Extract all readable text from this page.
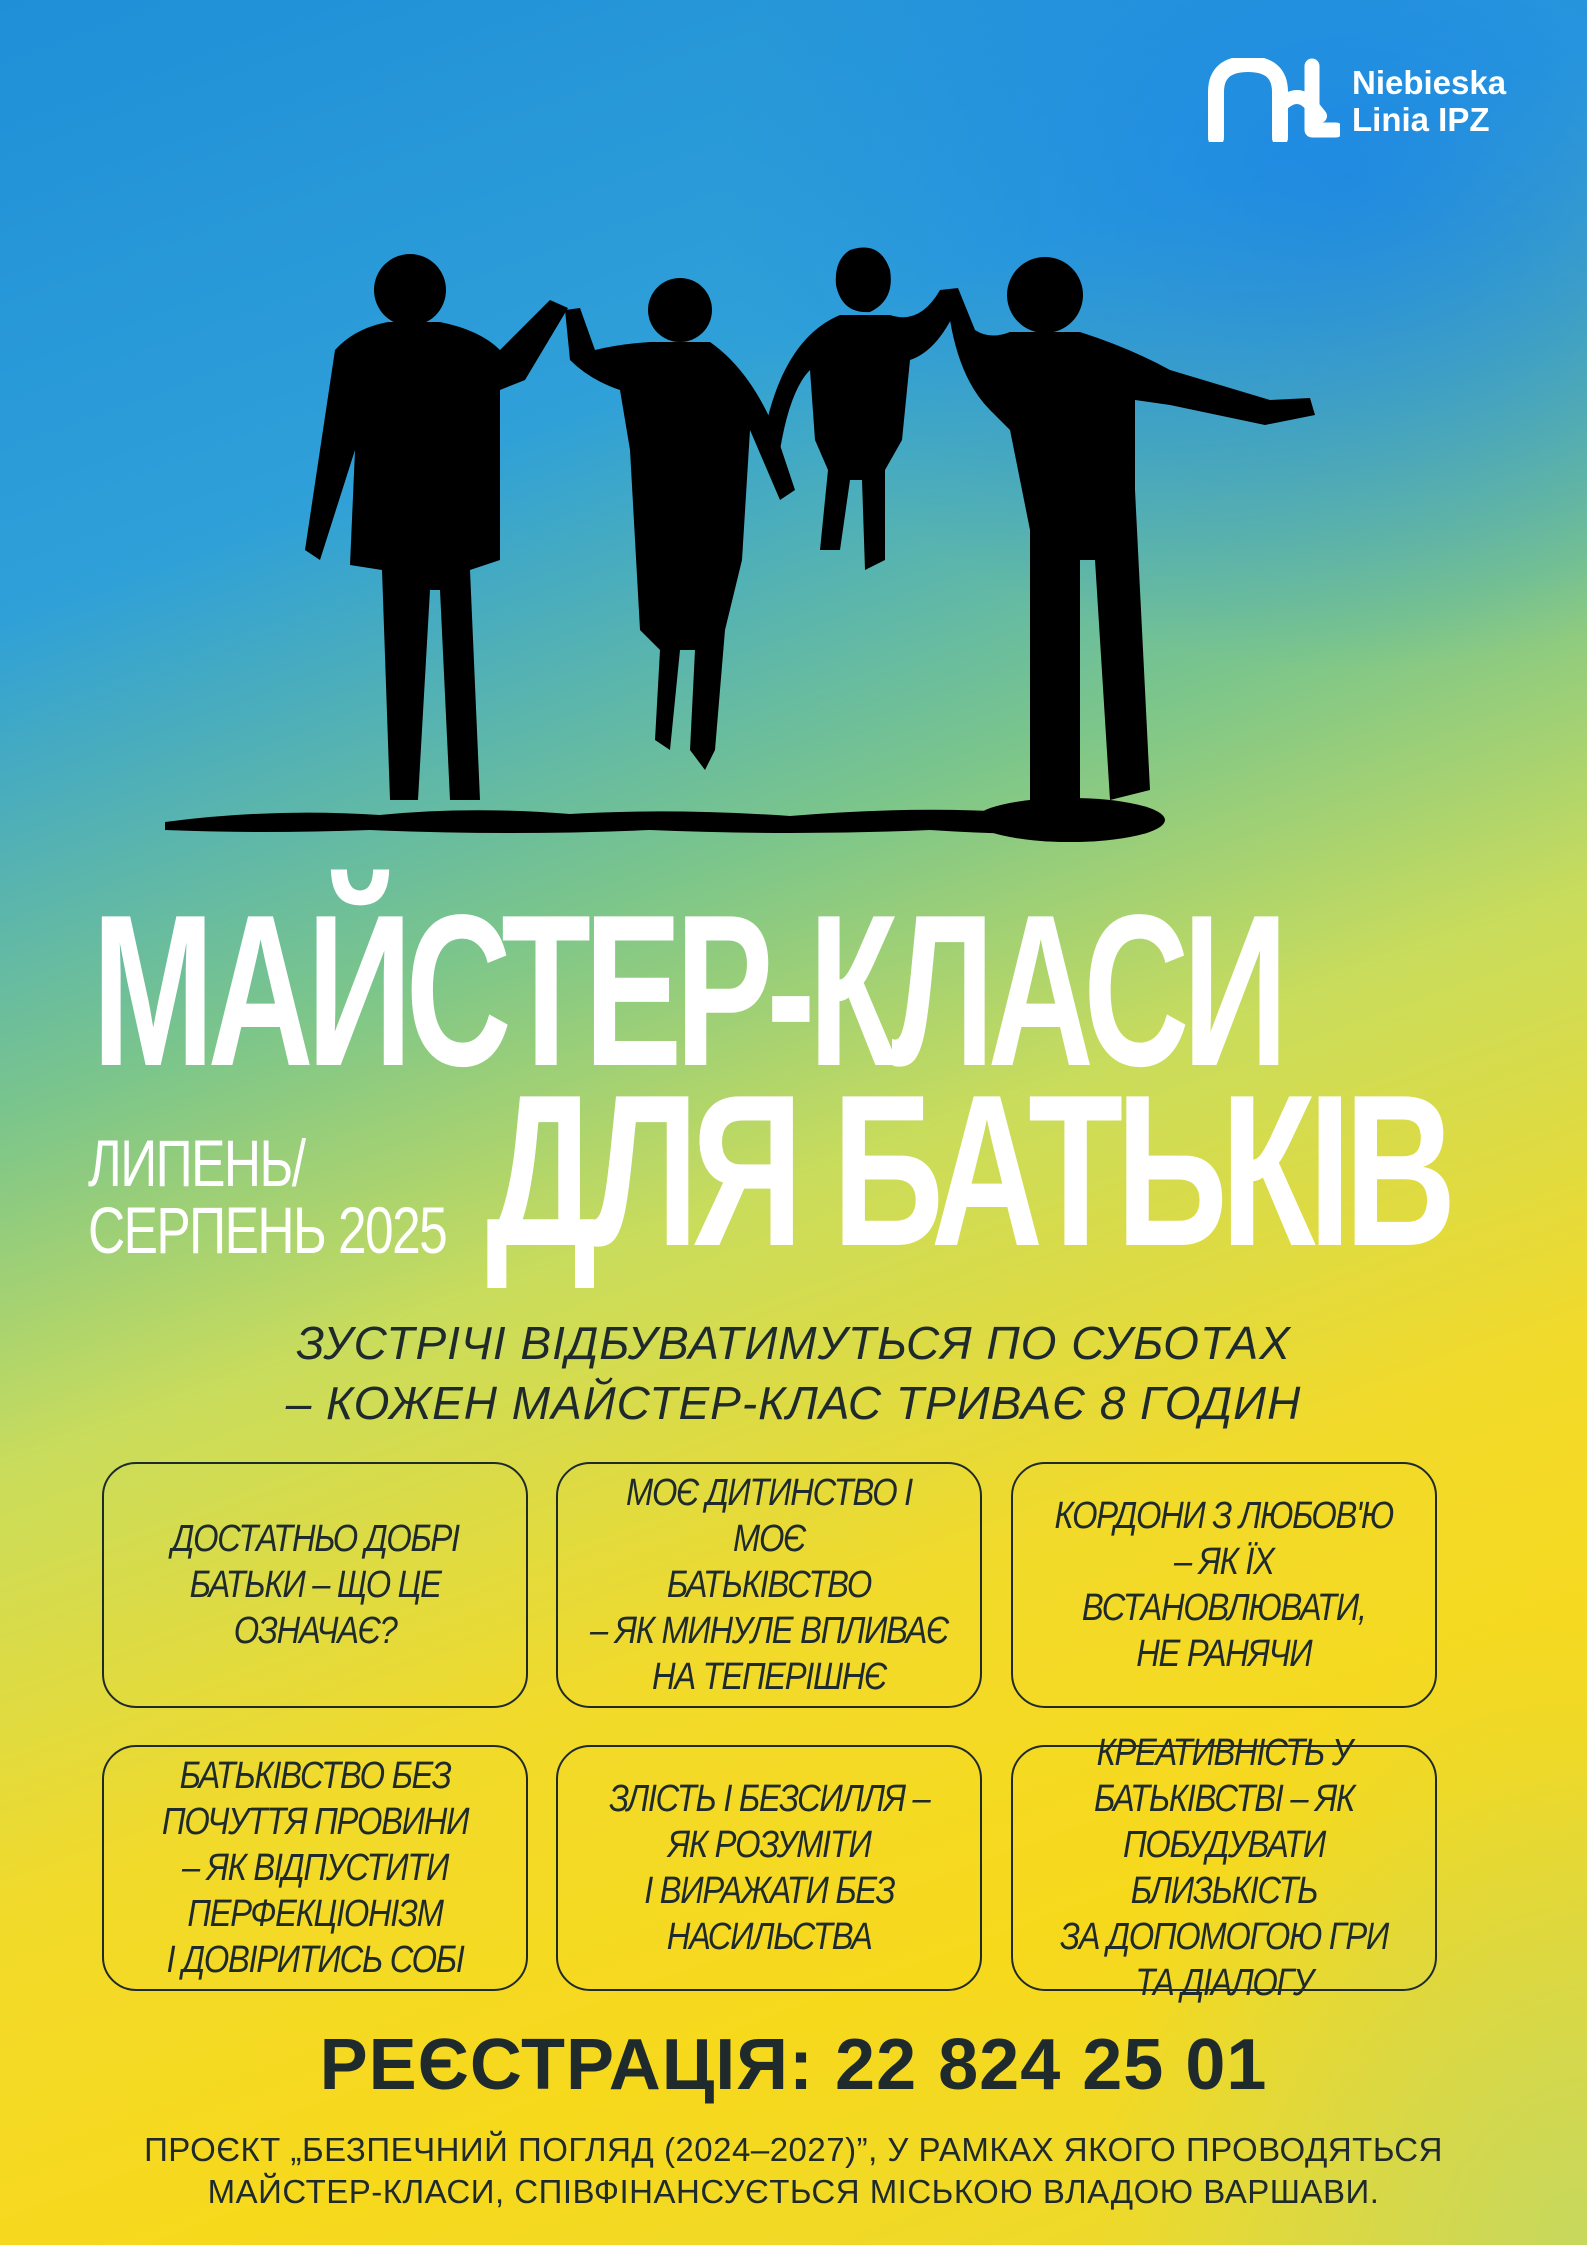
Niebieska
Linia IPZ
МАЙСТЕР-КЛАСИ
ЛИПЕНЬ/
СЕРПЕНЬ 2025 ДЛЯ БАТЬКІВ
ЗУСТРІЧІ ВІДБУВАТИМУТЬСЯ ПО СУБОТАХ
– КОЖЕН МАЙСТЕР-КЛАС ТРИВАЄ 8 ГОДИН
ДОСТАТНЬО ДОБРІ
БАТЬКИ – ЩО ЦЕ
ОЗНАЧАЄ?
МОЄ ДИТИНСТВО І МОЄ
БАТЬКІВСТВО
– ЯК МИНУЛЕ ВПЛИВАЄ
НА ТЕПЕРІШНЄ
КОРДОНИ З ЛЮБОВ'Ю
– ЯК ЇХ
ВСТАНОВЛЮВАТИ,
НЕ РАНЯЧИ
БАТЬКІВСТВО БЕЗ
ПОЧУТТЯ ПРОВИНИ
– ЯК ВІДПУСТИТИ
ПЕРФЕКЦІОНІЗМ
І ДОВІРИТИСЬ СОБІ
ЗЛІСТЬ І БЕЗСИЛЛЯ –
ЯК РОЗУМІТИ
І ВИРАЖАТИ БЕЗ
НАСИЛЬСТВА
КРЕАТИВНІСТЬ У
БАТЬКІВСТВІ – ЯК
ПОБУДУВАТИ БЛИЗЬКІСТЬ
ЗА ДОПОМОГОЮ ГРИ
ТА ДІАЛОГУ
РЕЄСТРАЦІЯ: 22 824 25 01
ПРОЄКТ „БЕЗПЕЧНИЙ ПОГЛЯД (2024–2027)”, У РАМКАХ ЯКОГО ПРОВОДЯТЬСЯ
МАЙСТЕР-КЛАСИ, СПІВФІНАНСУЄТЬСЯ МІСЬКОЮ ВЛАДОЮ ВАРШАВИ.
